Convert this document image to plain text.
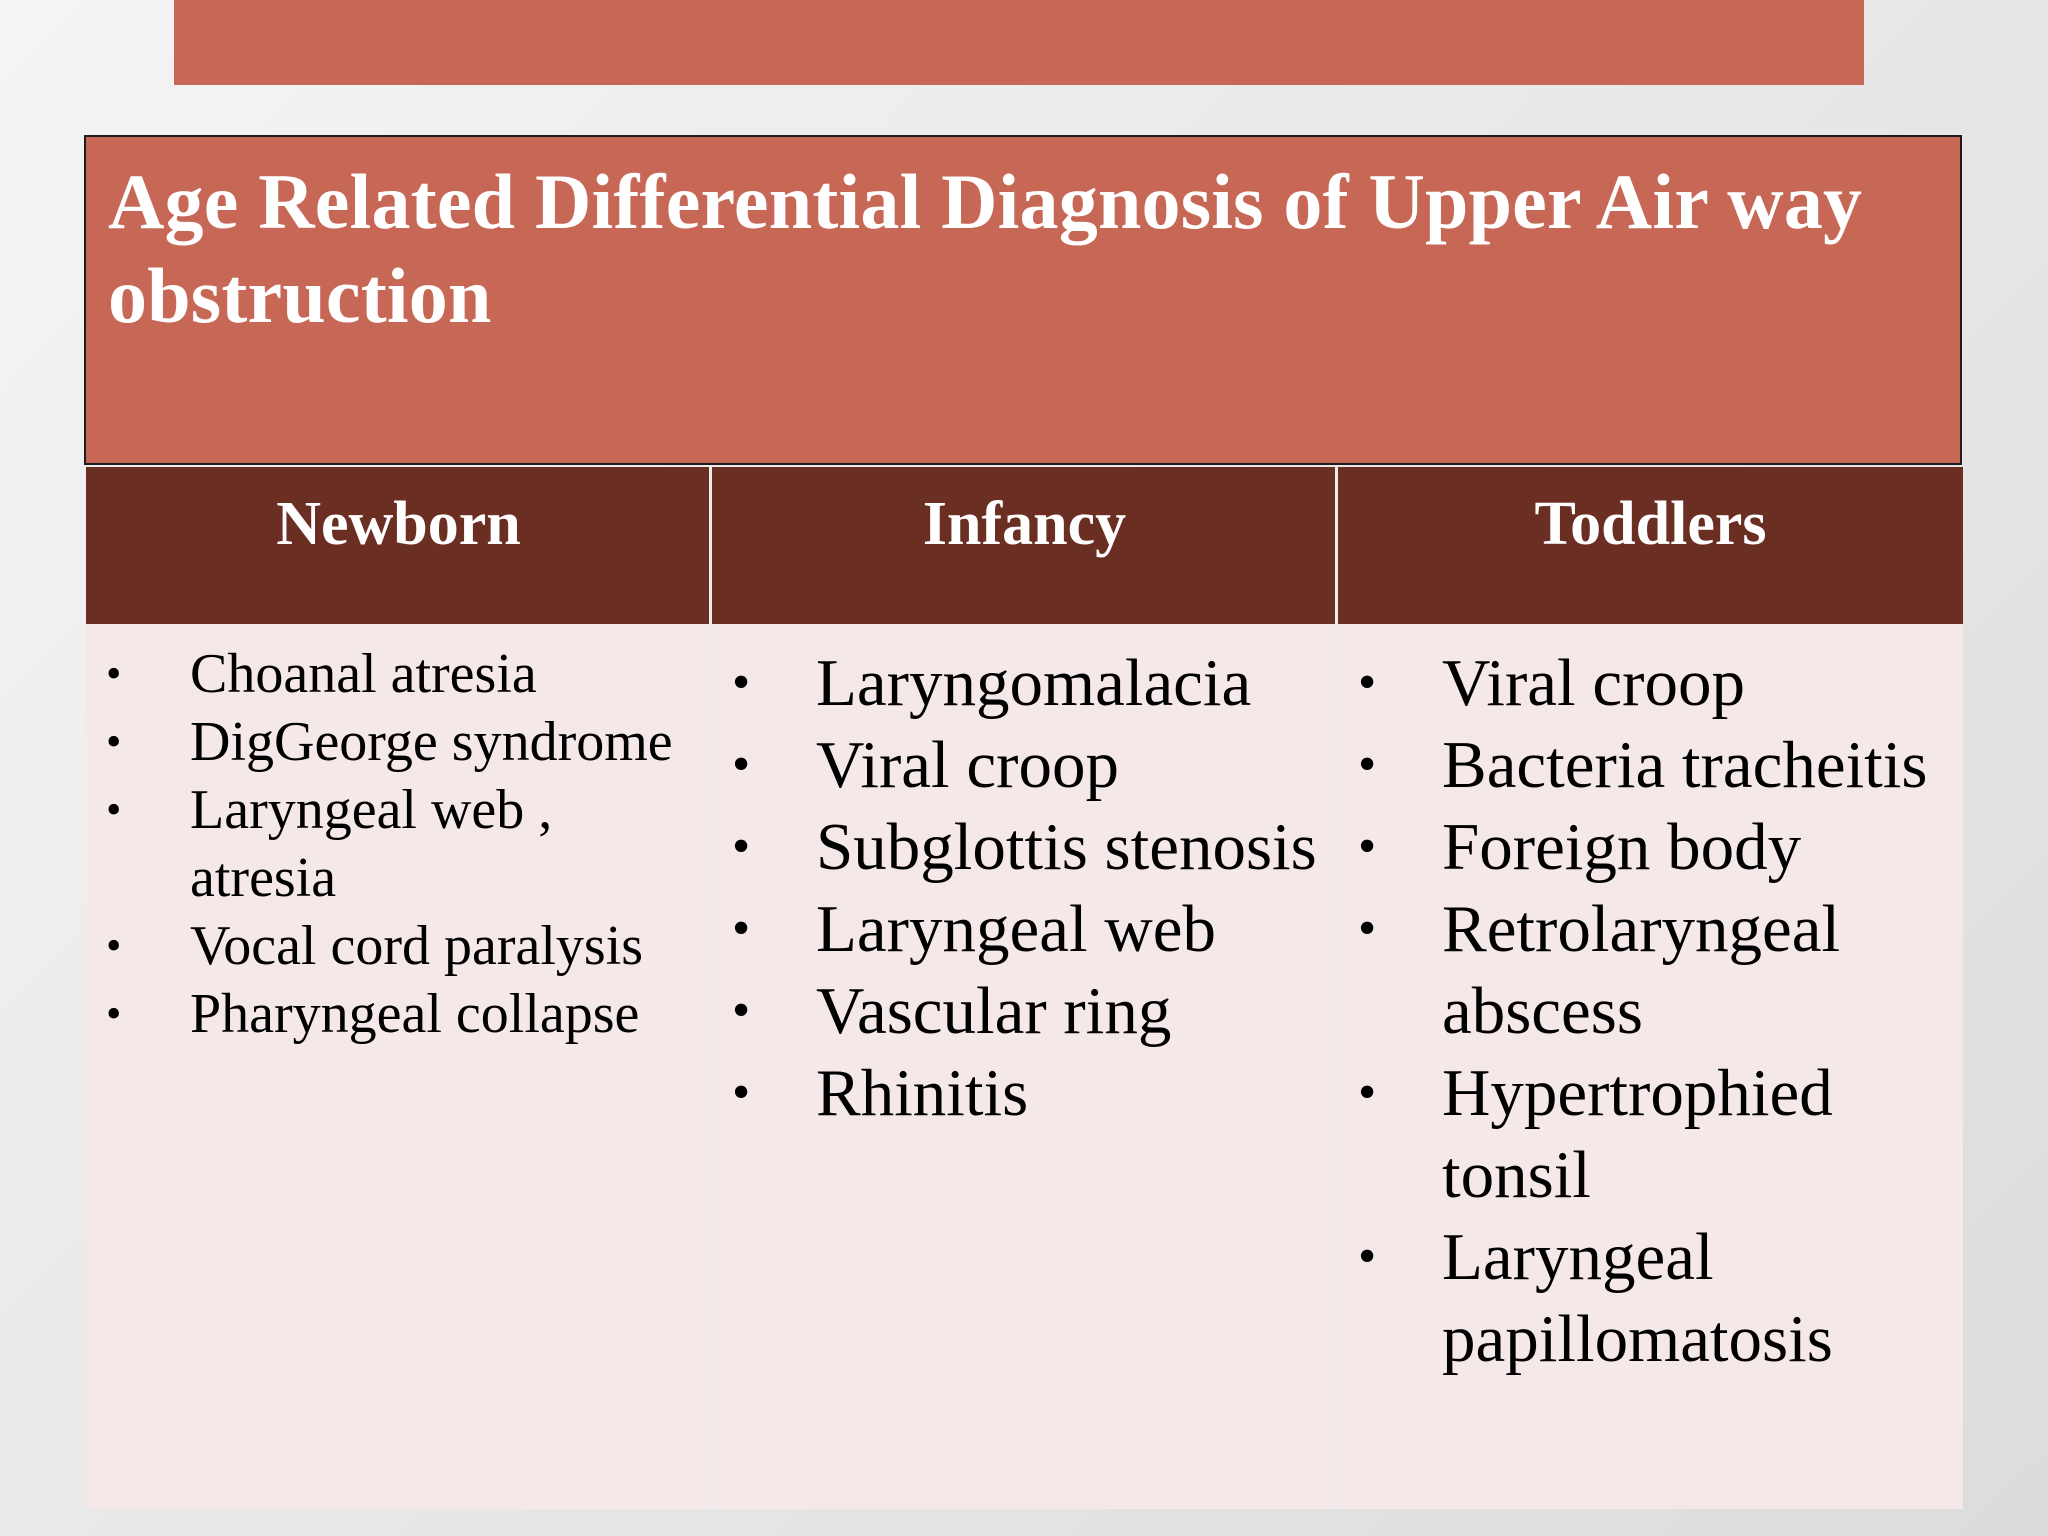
Age Related Differential Diagnosis of Upper Air way obstruction
Newborn
• Choanal atresia
• DigGeorge syndrome
• Laryngeal web , atresia
• Vocal cord paralysis
• Pharyngeal collapse
Infancy
• Laryngomalacia
• Viral croop
• Subglottis stenosis
• Laryngeal web
• Vascular ring
• Rhinitis
Toddlers
• Viral croop
• Bacteria tracheitis
• Foreign body
• Retrolaryngeal abscess
• Hypertrophied tonsil
• Laryngeal papillomatosis
